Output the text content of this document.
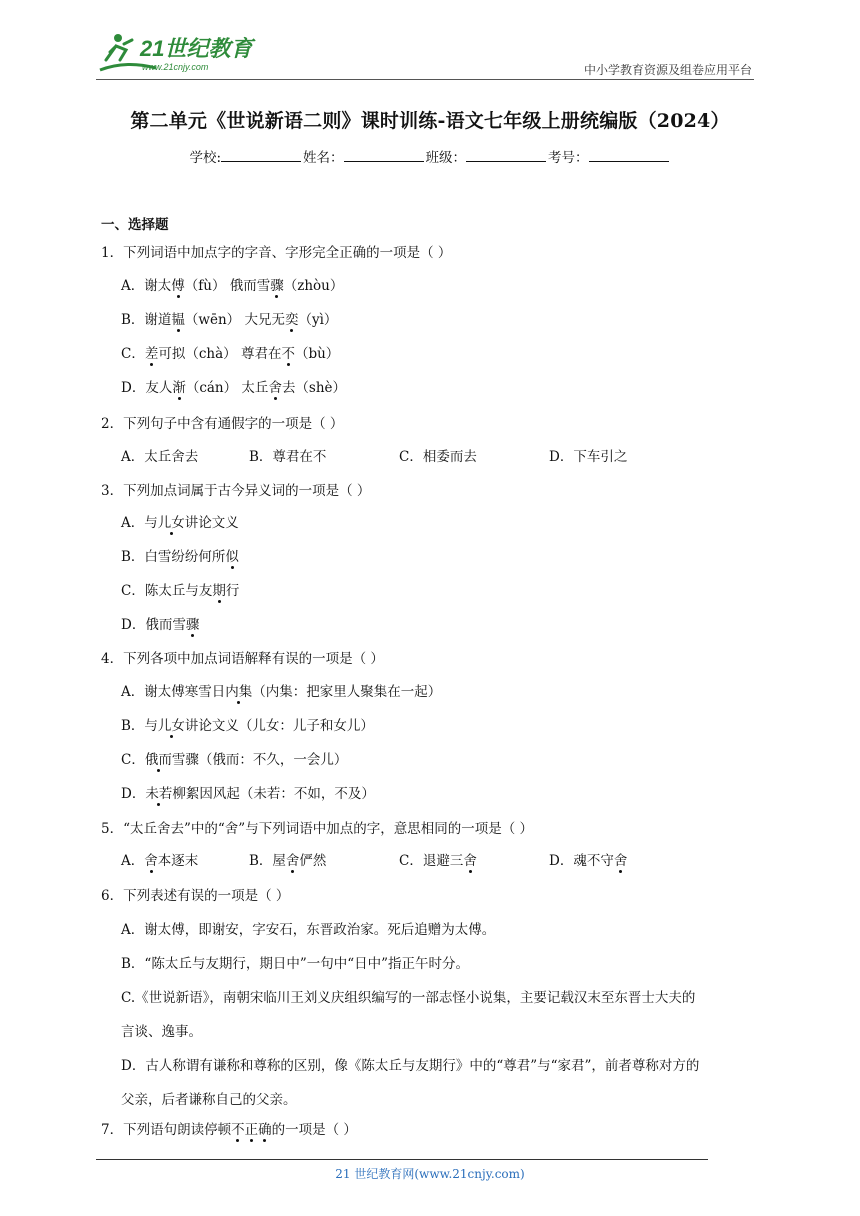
21世纪教育
www.21cnjy.com	中小学教育资源及组卷应用平台
第二单元《世说新语二则》课时训练-语文七年级上册统编版（2024）
学校:	姓名：	班级：	考号：
一、选择题
1．下列词语中加点字的字音、字形完全正确的一项是（ ）
A．谢太傅（fù） 俄而雪骤（zhòu）
B．谢道韫（wēn） 大兄无奕（yì）
C．差可拟（chà） 尊君在不（bù）
D．友人渐（cán） 太丘舍去（shè）
2．下列句子中含有通假字的一项是（ ）
A．太丘舍去	B．尊君在不	C．相委而去	D．下车引之
3．下列加点词属于古今异义词的一项是（ ）
A．与儿女讲论文义
B．白雪纷纷何所似
C．陈太丘与友期行
D．俄而雪骤
4．下列各项中加点词语解释有误的一项是（ ）
A．谢太傅寒雪日内集（内集：把家里人聚集在一起）
B．与儿女讲论文义（儿女：儿子和女儿）
C．俄而雪骤（俄而：不久，一会儿）
D．未若柳絮因风起（未若：不如，不及）
5．“太丘舍去”中的“舍”与下列词语中加点的字，意思相同的一项是（ ）
A．舍本逐末	B．屋舍俨然	C．退避三舍	D．魂不守舍
6．下列表述有误的一项是（ ）
A．谢太傅，即谢安，字安石，东晋政治家。死后追赠为太傅。
B．“陈太丘与友期行，期日中”一句中“日中”指正午时分。
C.《世说新语》，南朝宋临川王刘义庆组织编写的一部志怪小说集，主要记载汉末至东晋士大夫的
言谈、逸事。
D．古人称谓有谦称和尊称的区别，像《陈太丘与友期行》中的“尊君”与“家君”，前者尊称对方的
父亲，后者谦称自己的父亲。
7．下列语句朗读停顿不正确的一项是（ ）
21 世纪教育网(www.21cnjy.com)
